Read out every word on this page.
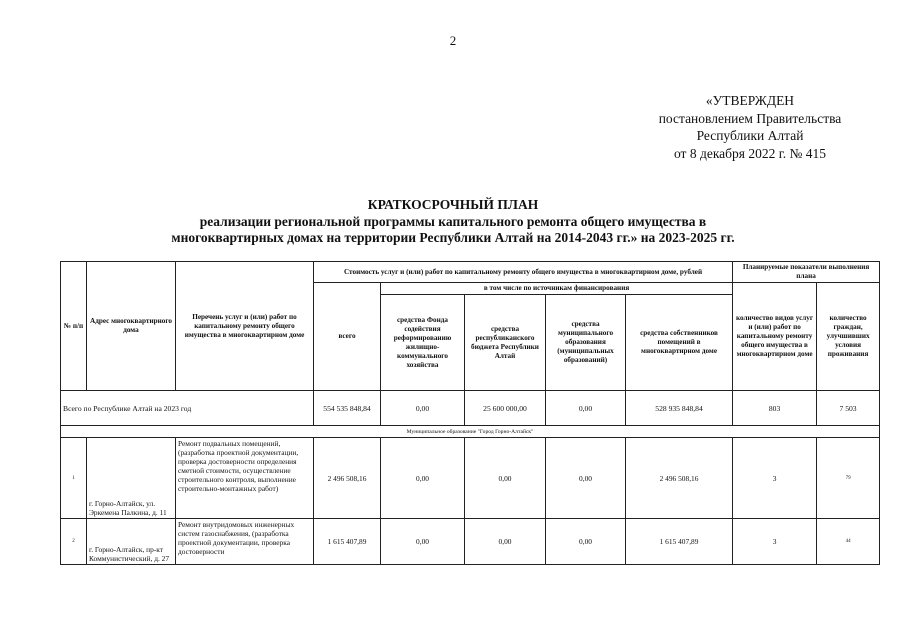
2
«УТВЕРЖДЕН
постановлением Правительства
Республики Алтай
от 8 декабря 2022 г. № 415
КРАТКОСРОЧНЫЙ ПЛАН
реализации региональной программы капитального ремонта общего имущества в
многоквартирных домах на территории Республики Алтай на 2014-2043 гг.» на 2023-2025 гг.
№ п/п	Адрес многоквартирного дома	Перечень услуг и (или) работ по капитальному ремонту общего имущества в многоквартирном доме	Стоимость услуг и (или) работ по капитальному ремонту общего имущества в многоквартирном доме, рублей					Планируемые показатели выполнения плана	
			всего	в том числе по источникам финансирования				количество видов услуг и (или) работ по капитальному ремонту общего имущества в многоквартирном доме	количество граждан, улучшивших условия проживания
				средства Фонда содействия реформированию жилищно-коммунального хозяйства	средства республиканского бюджета Республики Алтай	средства муниципального образования (муниципальных образований)	средства собственников помещений в многоквартирном доме		
Всего по Республике Алтай на 2023 год			554 535 848,84	0,00	25 600 000,00	0,00	528 935 848,84	803	7 503
Муниципальное образование "Город Горно-Алтайск"									
1	г. Горно-Алтайск, ул. Эркемена Палкина, д. 11	Ремонт подвальных помещений, (разработка проектной документации, проверка достоверности определения сметной стоимости, осуществление строительного контроля, выполнение строительно-монтажных работ)	2 496 508,16	0,00	0,00	0,00	2 496 508,16	3	79
2	г. Горно-Алтайск, пр-кт Коммунистический, д. 27	Ремонт внутридомовых инженерных систем газоснабжения, (разработка проектной документации, проверка достоверности	1 615 407,89	0,00	0,00	0,00	1 615 407,89	3	44
